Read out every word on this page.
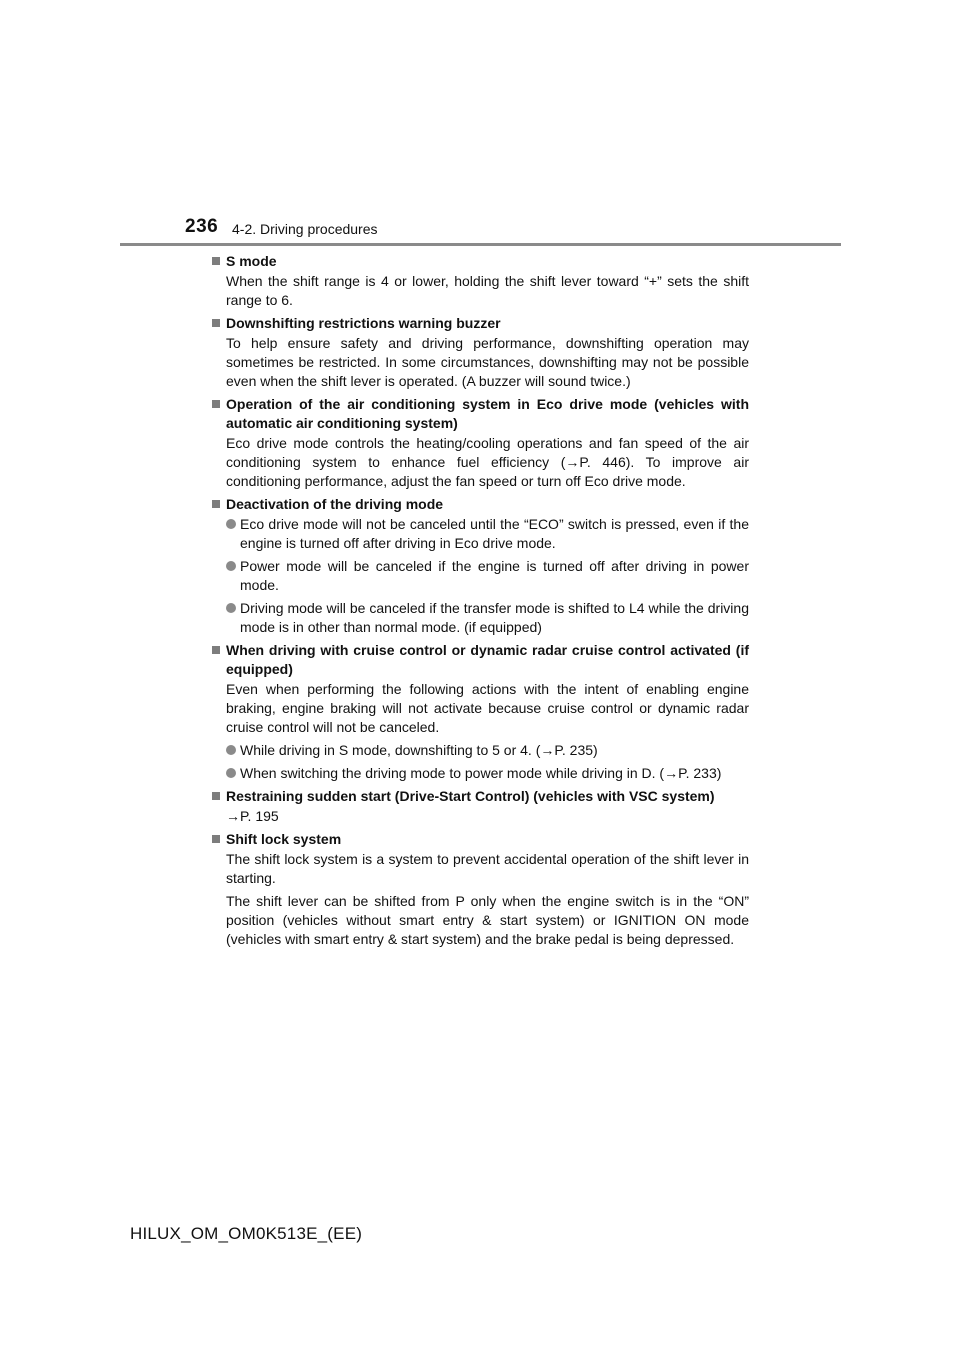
236 4-2. Driving procedures
S mode
When the shift range is 4 or lower, holding the shift lever toward “+” sets the shift range to 6.
Downshifting restrictions warning buzzer
To help ensure safety and driving performance, downshifting operation may sometimes be restricted. In some circumstances, downshifting may not be possible even when the shift lever is operated. (A buzzer will sound twice.)
Operation of the air conditioning system in Eco drive mode (vehicles with automatic air conditioning system)
Eco drive mode controls the heating/cooling operations and fan speed of the air conditioning system to enhance fuel efficiency (→P. 446). To improve air conditioning performance, adjust the fan speed or turn off Eco drive mode.
Deactivation of the driving mode
Eco drive mode will not be canceled until the “ECO” switch is pressed, even if the engine is turned off after driving in Eco drive mode.
Power mode will be canceled if the engine is turned off after driving in power mode.
Driving mode will be canceled if the transfer mode is shifted to L4 while the driving mode is in other than normal mode. (if equipped)
When driving with cruise control or dynamic radar cruise control activated (if equipped)
Even when performing the following actions with the intent of enabling engine braking, engine braking will not activate because cruise control or dynamic radar cruise control will not be canceled.
While driving in S mode, downshifting to 5 or 4. (→P. 235)
When switching the driving mode to power mode while driving in D. (→P. 233)
Restraining sudden start (Drive-Start Control) (vehicles with VSC system)
→P. 195
Shift lock system
The shift lock system is a system to prevent accidental operation of the shift lever in starting.
The shift lever can be shifted from P only when the engine switch is in the “ON” position (vehicles without smart entry & start system) or IGNITION ON mode (vehicles with smart entry & start system) and the brake pedal is being depressed.
HILUX_OM_OM0K513E_(EE)
